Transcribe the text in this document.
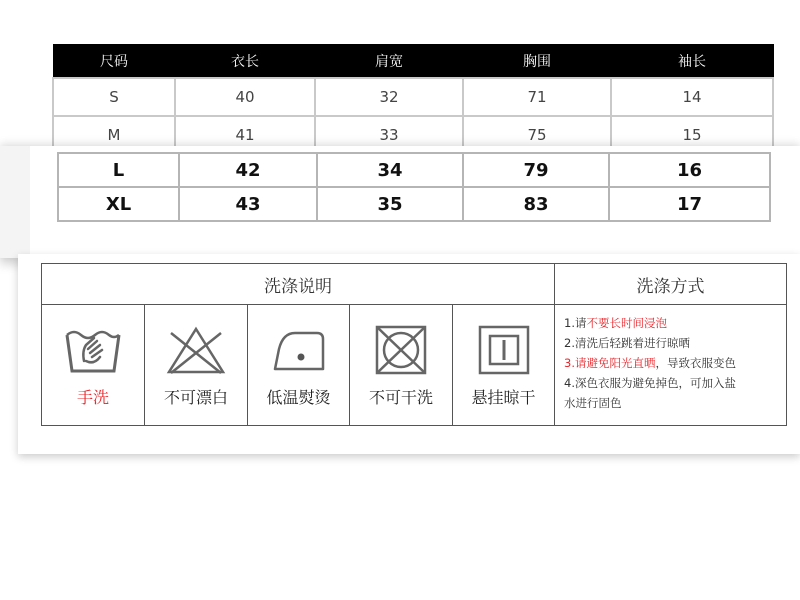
尺码	衣长	肩宽	胸围	袖长
S	40	32	71	14
M	41	33	75	15
L	42	34	79	16
XL	43	35	83	17
洗涤说明					洗涤方式

手洗	不可漂白	低温熨烫	不可干洗	悬挂晾干	1.请不要长时间浸泡
2.清洗后轻跳着进行晾晒
3.请避免阳光直晒，导致衣服变色
4.深色衣服为避免掉色，可加入盐
水进行固色
